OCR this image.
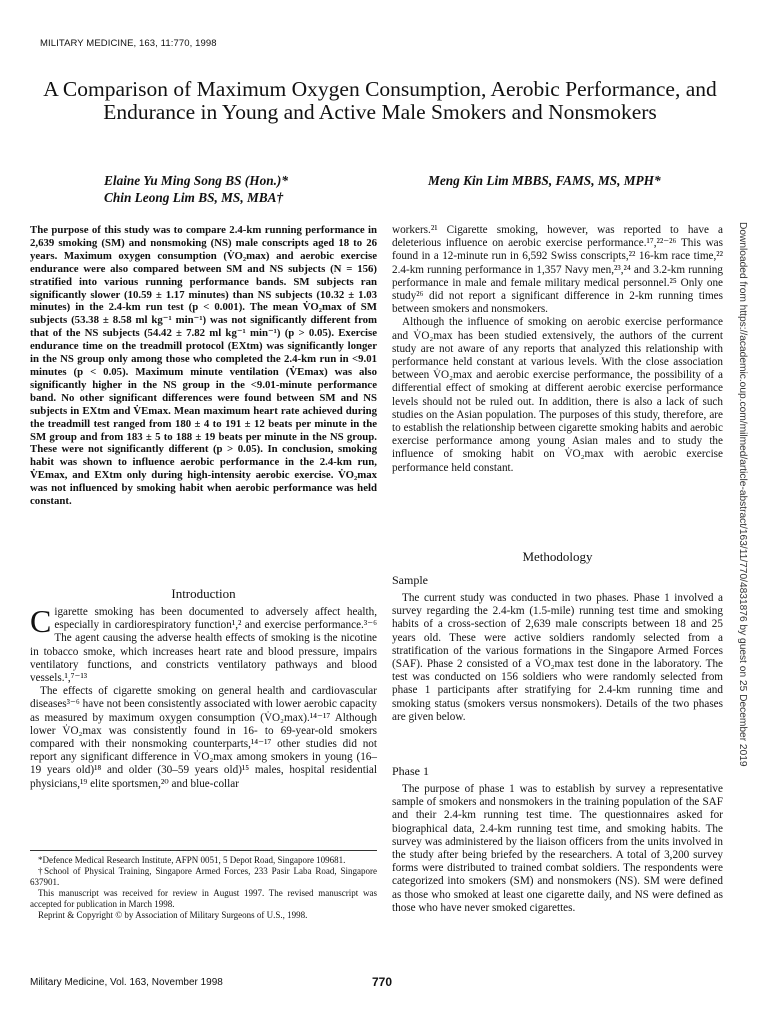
MILITARY MEDICINE, 163, 11:770, 1998
A Comparison of Maximum Oxygen Consumption, Aerobic Performance, and Endurance in Young and Active Male Smokers and Nonsmokers
Elaine Yu Ming Song BS (Hon.)*
Chin Leong Lim BS, MS, MBA†
Meng Kin Lim MBBS, FAMS, MS, MPH*
The purpose of this study was to compare 2.4-km running performance in 2,639 smoking (SM) and nonsmoking (NS) male conscripts aged 18 to 26 years. Maximum oxygen consumption (V̇O₂max) and aerobic exercise endurance were also compared between SM and NS subjects (N = 156) stratified into various running performance bands. SM subjects ran significantly slower (10.59 ± 1.17 minutes) than NS subjects (10.32 ± 1.03 minutes) in the 2.4-km run test (p < 0.001). The mean V̇O₂max of SM subjects (53.38 ± 8.58 ml kg⁻¹ min⁻¹) was not significantly different from that of the NS subjects (54.42 ± 7.82 ml kg⁻¹ min⁻¹) (p > 0.05). Exercise endurance time on the treadmill protocol (EXtm) was significantly longer in the NS group only among those who completed the 2.4-km run in <9.01 minutes (p < 0.05). Maximum minute ventilation (V̇Emax) was also significantly higher in the NS group in the <9.01-minute performance band. No other significant differences were found between SM and NS subjects in EXtm and V̇Emax. Mean maximum heart rate achieved during the treadmill test ranged from 180 ± 4 to 191 ± 12 beats per minute in the SM group and from 183 ± 5 to 188 ± 19 beats per minute in the NS group. These were not significantly different (p > 0.05). In conclusion, smoking habit was shown to influence aerobic performance in the 2.4-km run, V̇Emax, and EXtm only during high-intensity aerobic exercise. V̇O₂max was not influenced by smoking habit when aerobic performance was held constant.
Introduction

Cigarette smoking has been documented to adversely affect health, especially in cardiorespiratory function¹,² and exercise performance.³⁻⁶ The agent causing the adverse health effects of smoking is the nicotine in tobacco smoke, which increases heart rate and blood pressure, impairs ventilatory functions, and constricts ventilatory pathways and blood vessels.¹,⁷⁻¹³

The effects of cigarette smoking on general health and cardiovascular diseases³⁻⁶ have not been consistently associated with lower aerobic capacity as measured by maximum oxygen consumption (V̇O₂max).¹⁴⁻¹⁷ Although lower V̇O₂max was consistently found in 16- to 69-year-old smokers compared with their nonsmoking counterparts,¹⁴⁻¹⁷ other studies did not report any significant difference in V̇O₂max among smokers in young (16–19 years old)¹⁸ and older (30–59 years old)¹⁵ males, hospital residential physicians,¹⁹ elite sportsmen,²⁰ and blue-collar

*Defence Medical Research Institute, AFPN 0051, 5 Depot Road, Singapore 109681.

†School of Physical Training, Singapore Armed Forces, 233 Pasir Laba Road, Singapore 637901.

This manuscript was received for review in August 1997. The revised manuscript was accepted for publication in March 1998.

Reprint & Copyright © by Association of Military Surgeons of U.S., 1998.

workers.²¹ Cigarette smoking, however, was reported to have a deleterious influence on aerobic exercise performance.¹⁷,²²⁻²⁶ This was found in a 12-minute run in 6,592 Swiss conscripts,²² 16-km race time,²² 2.4-km running performance in 1,357 Navy men,²³,²⁴ and 3.2-km running performance in male and female military medical personnel.²⁵ Only one study²⁶ did not report a significant difference in 2-km running times between smokers and nonsmokers.

Although the influence of smoking on aerobic exercise performance and V̇O₂max has been studied extensively, the authors of the current study are not aware of any reports that analyzed this relationship with performance held constant at various levels. With the close association between V̇O₂max and aerobic exercise performance, the possibility of a differential effect of smoking at different aerobic exercise performance levels should not be ruled out. In addition, there is also a lack of such studies on the Asian population. The purposes of this study, therefore, are to establish the relationship between cigarette smoking habits and aerobic exercise performance among young Asian males and to study the influence of smoking habit on V̇O₂max with aerobic exercise performance held constant.

Methodology
Sample

The current study was conducted in two phases. Phase 1 involved a survey regarding the 2.4-km (1.5-mile) running test time and smoking habits of a cross-section of 2,639 male conscripts between 18 and 25 years old. These were active soldiers randomly selected from a stratification of the various formations in the Singapore Armed Forces (SAF). Phase 2 consisted of a V̇O₂max test done in the laboratory. The test was conducted on 156 soldiers who were randomly selected from phase 1 participants after stratifying for 2.4-km running time and smoking status (smokers versus nonsmokers). Details of the two phases are given below.

Phase 1

The purpose of phase 1 was to establish by survey a representative sample of smokers and nonsmokers in the training population of the SAF and their 2.4-km running test time. The questionnaires asked for biographical data, 2.4-km running test time, and smoking habits. The survey was administered by the liaison officers from the units involved in the study after being briefed by the researchers. A total of 3,200 survey forms were distributed to trained combat soldiers. The respondents were categorized into smokers (SM) and nonsmokers (NS). SM were defined as those who smoked at least one cigarette daily, and NS were defined as those who have never smoked cigarettes.

Downloaded from https://academic.oup.com/milmed/article-abstract/163/11/770/4831876 by guest on 25 December 2019
Military Medicine, Vol. 163, November 1998	770
